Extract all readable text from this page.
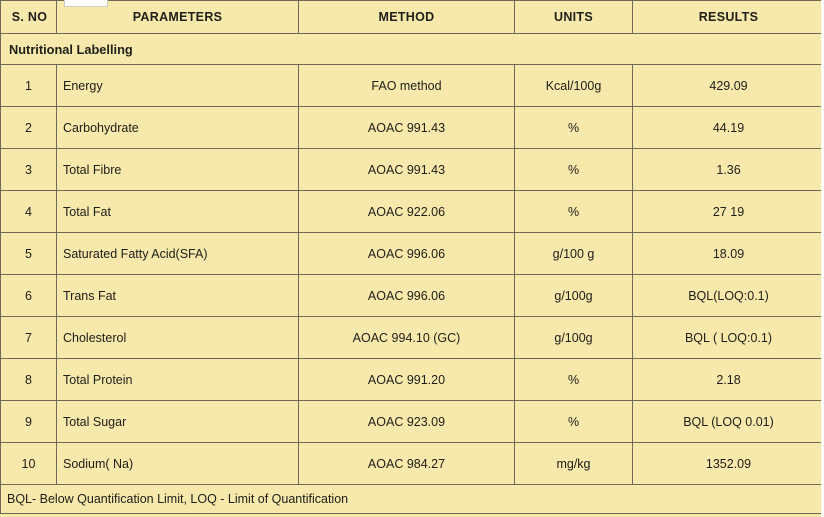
S. NO	PARAMETERS	METHOD	UNITS	RESULTS
Nutritional Labelling				
1	Energy	FAO method	Kcal/100g	429.09
2	Carbohydrate	AOAC 991.43	%	44.19
3	Total Fibre	AOAC 991.43	%	1.36
4	Total Fat	AOAC 922.06	%	27 19
5	Saturated Fatty Acid(SFA)	AOAC 996.06	g/100 g	18.09
6	Trans Fat	AOAC 996.06	g/100g	BQL(LOQ:0.1)
7	Cholesterol	AOAC 994.10 (GC)	g/100g	BQL ( LOQ:0.1)
8	Total Protein	AOAC 991.20	%	2.18
9	Total Sugar	AOAC 923.09	%	BQL (LOQ 0.01)
10	Sodium( Na)	AOAC 984.27	mg/kg	1352.09
BQL- Below Quantification Limit, LOQ - Limit of Quantification				
